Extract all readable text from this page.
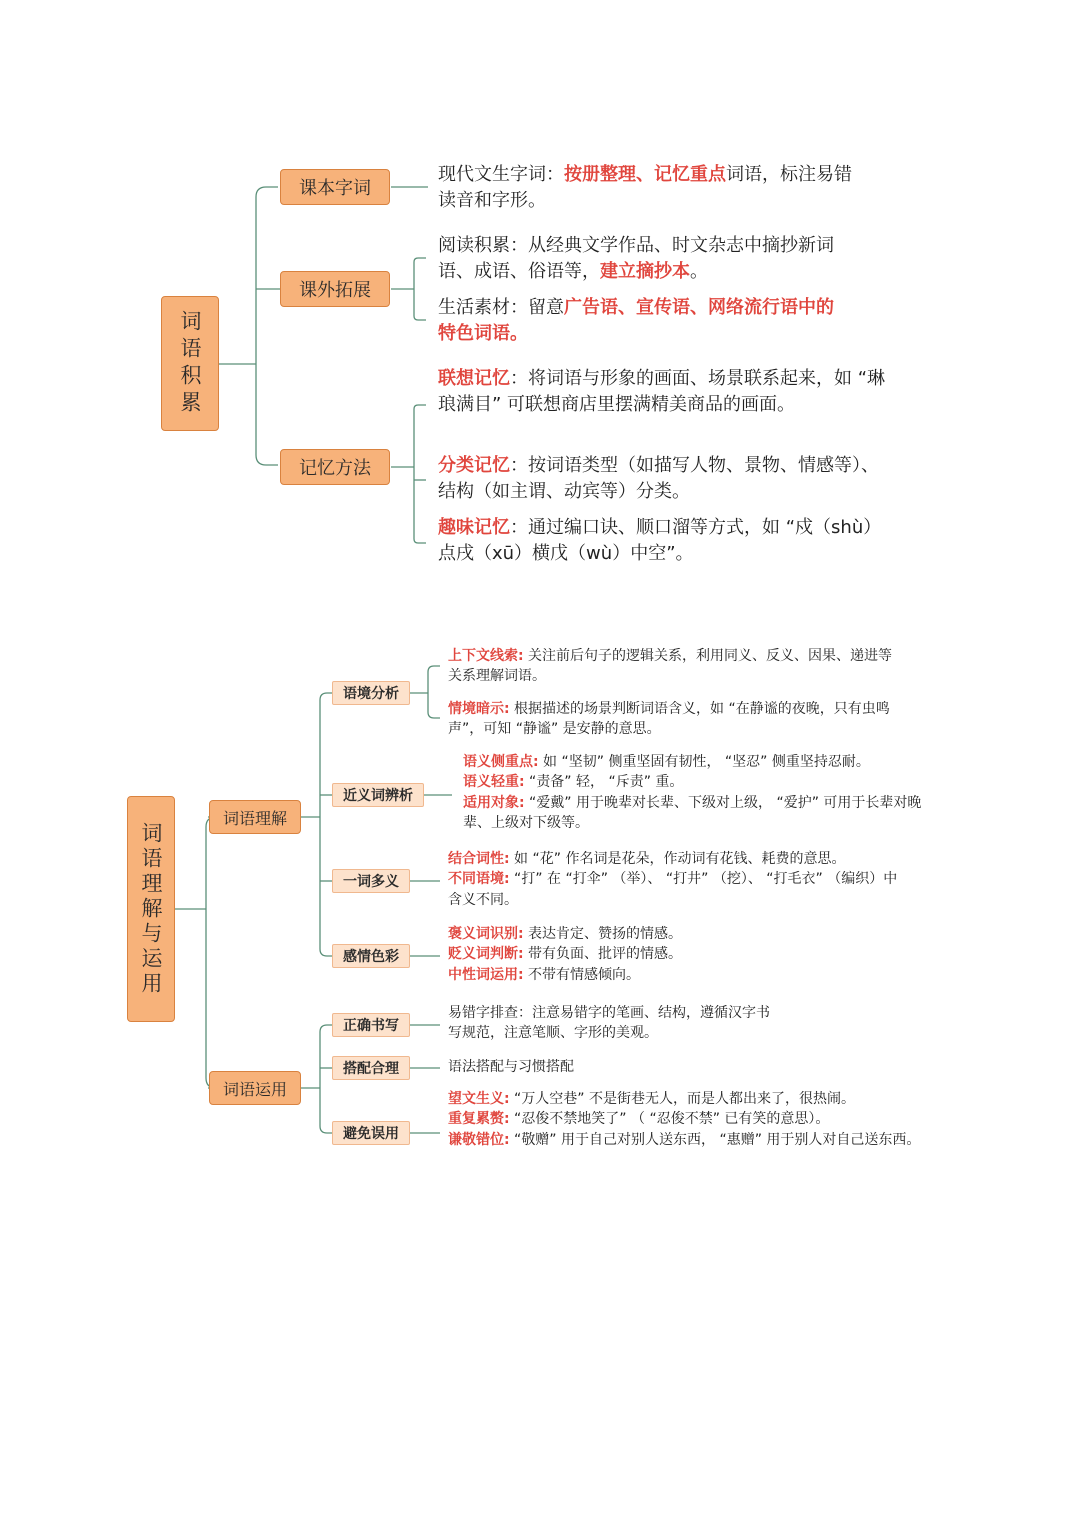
词语积累
课本字词
课外拓展
记忆方法
现代文生字词：按册整理、记忆重点词语，标注易错读音和字形。
阅读积累：从经典文学作品、时文杂志中摘抄新词语、成语、俗语等，建立摘抄本。
生活素材：留意广告语、宣传语、网络流行语中的特色词语。
联想记忆：将词语与形象的画面、场景联系起来，如 “琳琅满目” 可联想商店里摆满精美商品的画面。
分类记忆：按词语类型（如描写人物、景物、情感等）、结构（如主谓、动宾等）分类。
趣味记忆：通过编口诀、顺口溜等方式，如 “戍（shù）点戌（xū）横戊（wù）中空”。
词语理解与运用
词语理解
词语运用
语境分析
近义词辨析
一词多义
感情色彩
正确书写
搭配合理
避免误用
上下文线索: 关注前后句子的逻辑关系，利用同义、反义、因果、递进等关系理解词语。
情境暗示: 根据描述的场景判断词语含义，如 “在静谧的夜晚，只有虫鸣声”，可知 “静谧” 是安静的意思。

语义侧重点: 如 “坚韧” 侧重坚固有韧性， “坚忍” 侧重坚持忍耐。

语义轻重: “责备” 轻， “斥责” 重。

适用对象: “爱戴” 用于晚辈对长辈、下级对上级， “爱护” 可用于长辈对晚辈、上级对下级等。

结合词性: 如 “花” 作名词是花朵，作动词有花钱、耗费的意思。

不同语境: “打” 在 “打伞” （举）、 “打井” （挖）、 “打毛衣” （编织）中含义不同。

褒义词识别: 表达肯定、赞扬的情感。

贬义词判断: 带有负面、批评的情感。

中性词运用: 不带有情感倾向。

易错字排查：注意易错字的笔画、结构，遵循汉字书写规范，注意笔顺、字形的美观。
语法搭配与习惯搭配

望文生义: “万人空巷” 不是街巷无人，而是人都出来了，很热闹。

重复累赘: “忍俊不禁地笑了” （ “忍俊不禁” 已有笑的意思）。

谦敬错位: “敬赠” 用于自己对别人送东西， “惠赠” 用于别人对自己送东西。
